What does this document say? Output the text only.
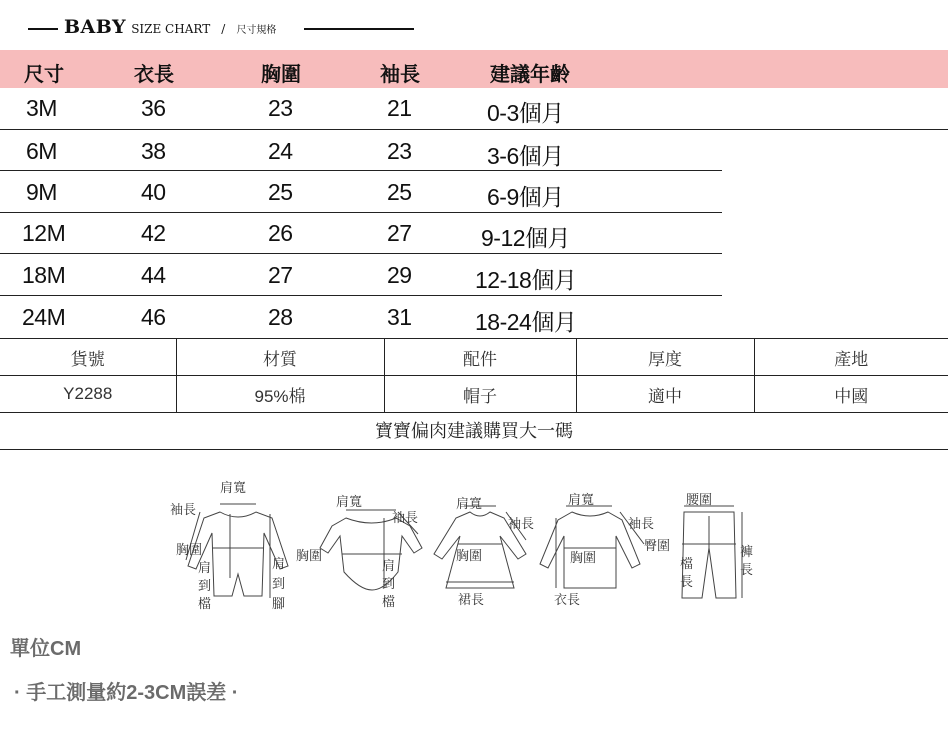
BABY SIZE CHART / 尺寸規格
尺寸	衣長	胸圍	袖長	建議年齡
3M	36	23	21	0-3個月
6M	38	24	23	3-6個月
9M	40	25	25	6-9個月
12M	42	26	27	9-12個月
18M	44	27	29	12-18個月
24M	46	28	31	18-24個月
貨號	材質	配件	厚度	產地
Y2288	95%棉	帽子	適中	中國
寶寶偏肉建議購買大一碼
肩寬
袖長
胸圍
肩
到
檔
肩
到
腳
肩寬
袖長
胸圍
肩
到
檔
肩寬
袖長
胸圍
裙長
肩寬
袖長
胸圍
衣長
腰圍
臀圍
檔
長
褲
長
單位CM
· 手工測量約2-3CM誤差 ·
